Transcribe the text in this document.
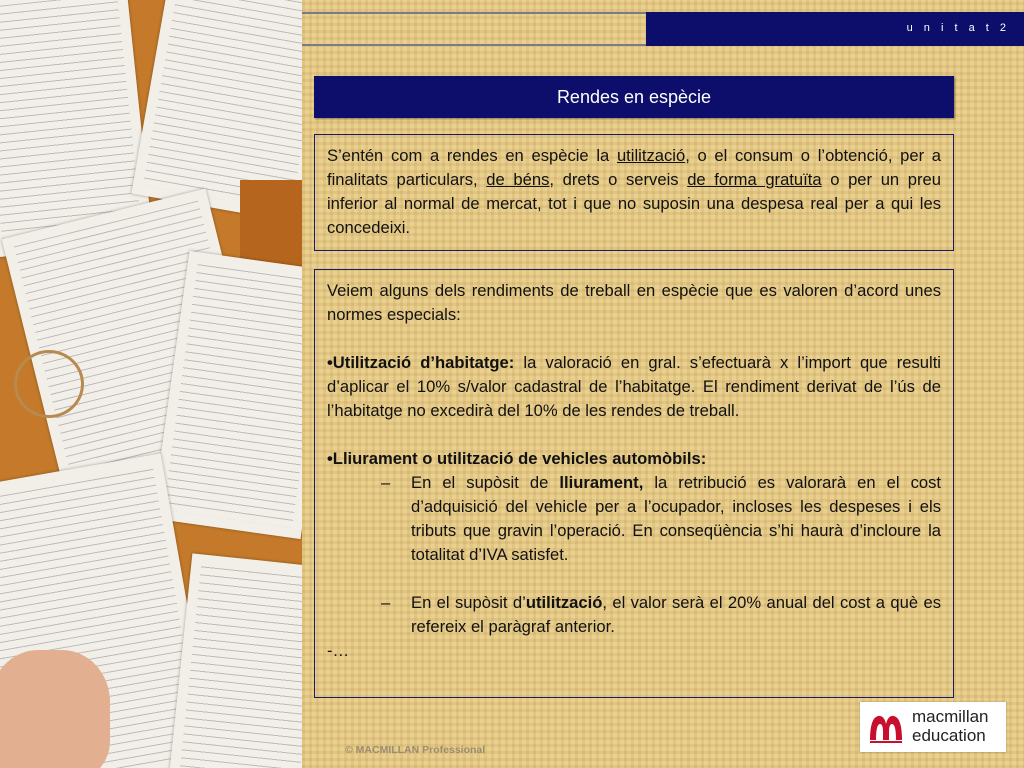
u n i t a t 2
Rendes en espècie

S’entén com a rendes en espècie la utilització, o el consum o l’obtenció, per a finalitats particulars, de béns, drets o serveis de forma gratuïta o per un preu inferior al normal de mercat, tot i que no suposin una despesa real per a qui les concedeixi.

Veiem alguns dels rendiments de treball en espècie que es valoren d’acord unes normes especials:

•Utilització d’habitatge: la valoració en gral. s’efectuarà x l’import que resulti d’aplicar el 10% s/valor cadastral de l’habitatge. El rendiment derivat de l’ús de l’habitatge no excedirà del 10% de les rendes de treball.

•Lliurament o utilització de vehicles automòbils:

–	En el supòsit de lliurament, la retribució es valorarà en el cost d’adquisició del vehicle per a l’ocupador, incloses les despeses i els tributs que gravin l’operació. En conseqüència s’hi haurà d’incloure la totalitat d’IVA satisfet.
–	En el supòsit d’utilització, el valor serà el 20% anual del cost a què es refereix el paràgraf anterior.

-…

© MACMILLAN Professional
macmillan
education
